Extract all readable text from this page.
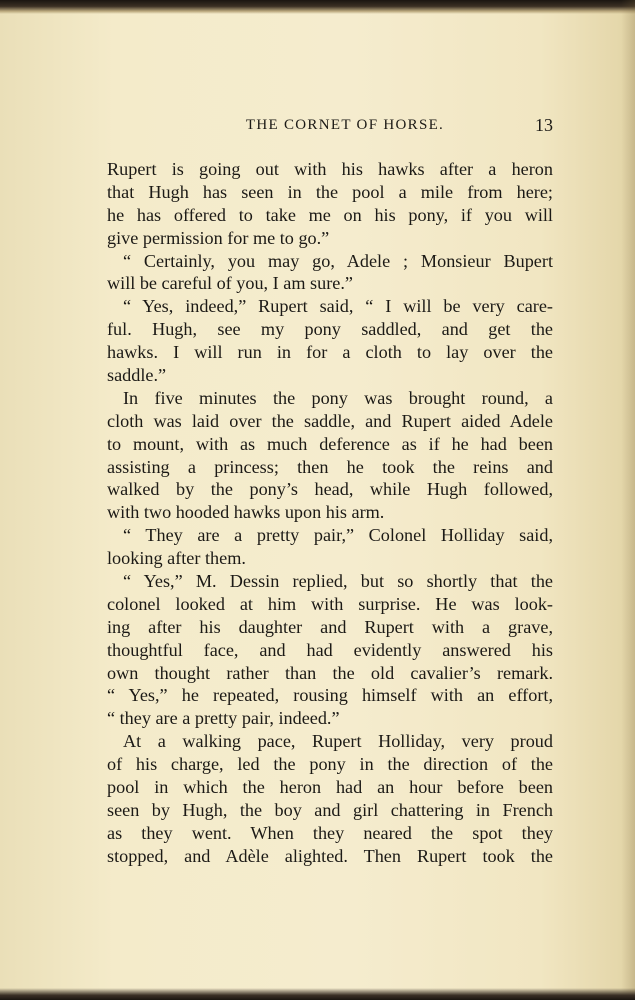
THE CORNET OF HORSE.	13
Rupert is going out with his hawks after a heron
that Hugh has seen in the pool a mile from here;
he has offered to take me on his pony, if you will
give permission for me to go.”
“ Certainly, you may go, Adele ; Monsieur Bupert
will be careful of you, I am sure.”
“ Yes, indeed,” Rupert said, “ I will be very care-
ful. Hugh, see my pony saddled, and get the
hawks. I will run in for a cloth to lay over the
saddle.”
In five minutes the pony was brought round, a
cloth was laid over the saddle, and Rupert aided Adele
to mount, with as much deference as if he had been
assisting a princess; then he took the reins and
walked by the pony’s head, while Hugh followed,
with two hooded hawks upon his arm.
“ They are a pretty pair,” Colonel Holliday said,
looking after them.
“ Yes,” M. Dessin replied, but so shortly that the
colonel looked at him with surprise. He was look-
ing after his daughter and Rupert with a grave,
thoughtful face, and had evidently answered his
own thought rather than the old cavalier’s remark.
“ Yes,” he repeated, rousing himself with an effort,
“ they are a pretty pair, indeed.”
At a walking pace, Rupert Holliday, very proud
of his charge, led the pony in the direction of the
pool in which the heron had an hour before been
seen by Hugh, the boy and girl chattering in French
as they went. When they neared the spot they
stopped, and Adèle alighted. Then Rupert took the
